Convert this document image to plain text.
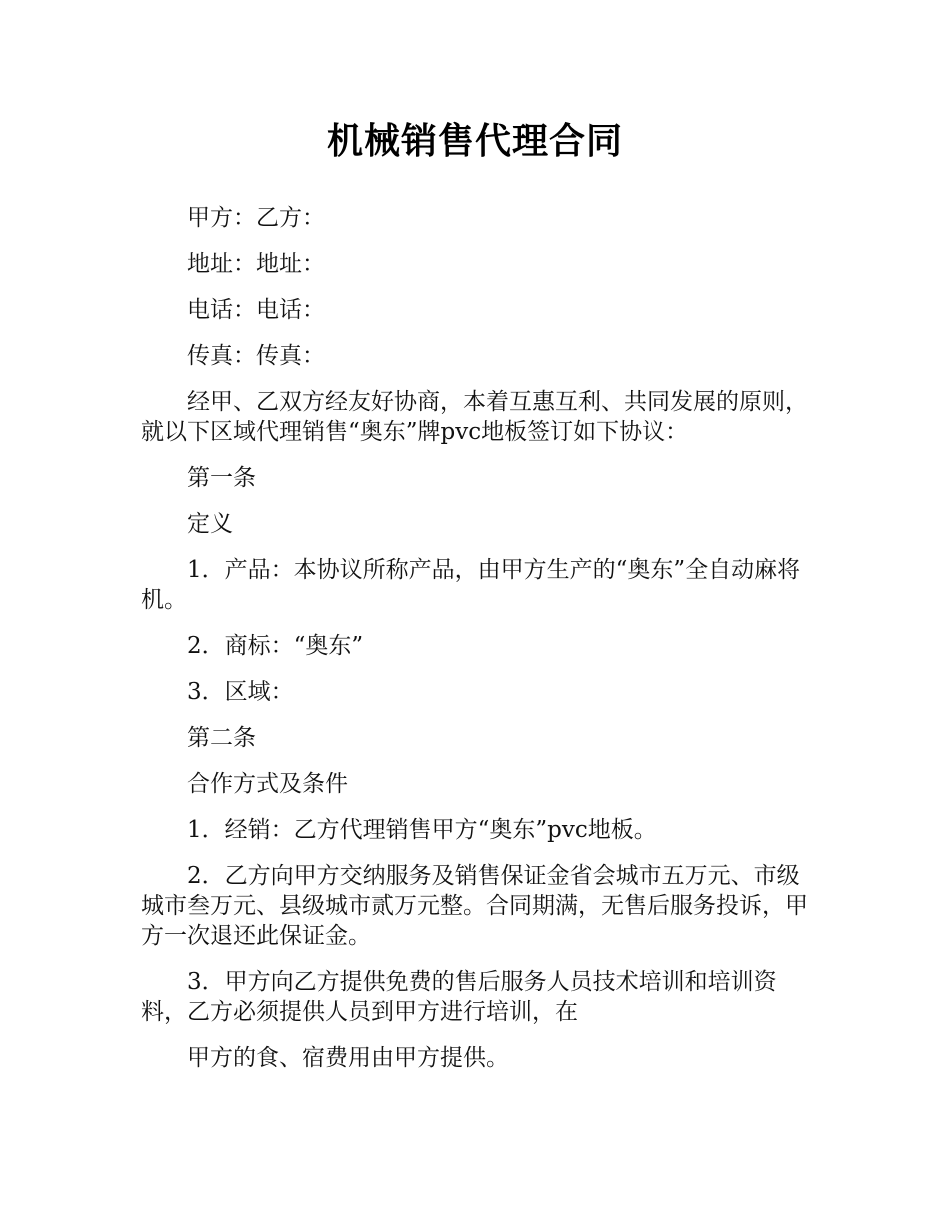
机械销售代理合同

甲方：乙方：

地址：地址：

电话：电话：

传真：传真：

经甲、乙双方经友好协商，本着互惠互利、共同发展的原则，就以下区域代理销售“奥东”牌pvc地板签订如下协议：

第一条

定义

1．产品：本协议所称产品，由甲方生产的“奥东”全自动麻将机。

2．商标：“奥东”

3．区域：

第二条

合作方式及条件

1．经销：乙方代理销售甲方“奥东”pvc地板。

2．乙方向甲方交纳服务及销售保证金省会城市五万元、市级城市叁万元、县级城市贰万元整。合同期满，无售后服务投诉，甲方一次退还此保证金。

3．甲方向乙方提供免费的售后服务人员技术培训和培训资料，乙方必须提供人员到甲方进行培训，在

甲方的食、宿费用由甲方提供。
